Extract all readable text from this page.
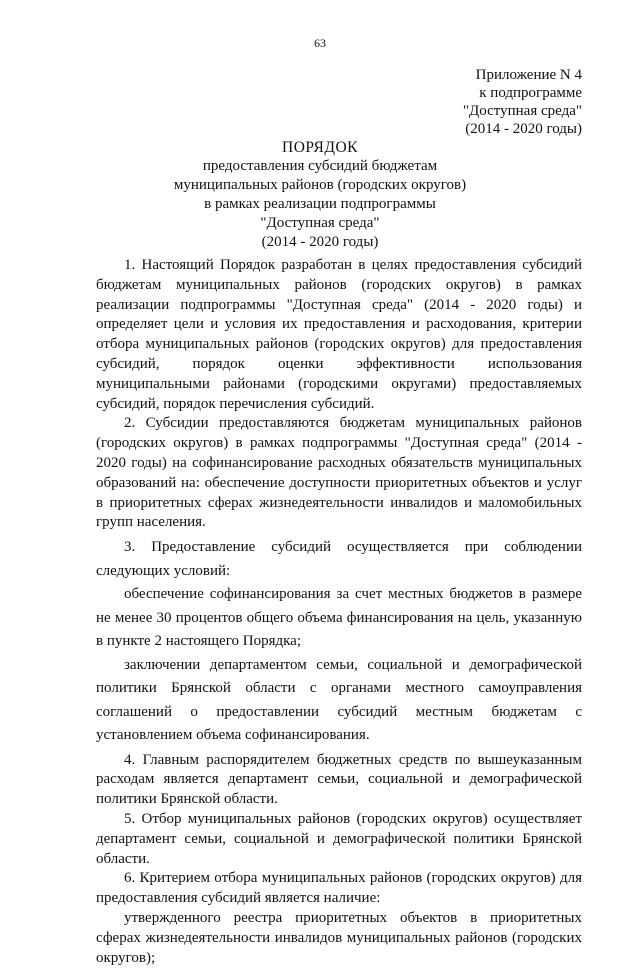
63
Приложение N 4
к подпрограмме
"Доступная среда"
(2014 - 2020 годы)
ПОРЯДОК
предоставления субсидий бюджетам
муниципальных районов (городских округов)
в рамках реализации подпрограммы
"Доступная среда"
(2014 - 2020 годы)

1. Настоящий Порядок разработан в целях предоставления субсидий бюджетам муниципальных районов (городских округов) в рамках реализации подпрограммы "Доступная среда" (2014 - 2020 годы) и определяет цели и условия их предоставления и расходования, критерии отбора муниципальных районов (городских округов) для предоставления субсидий, порядок оценки эффективности использования муниципальными районами (городскими округами) предоставляемых субсидий, порядок перечисления субсидий.

2. Субсидии предоставляются бюджетам муниципальных районов (городских округов) в рамках подпрограммы "Доступная среда" (2014 - 2020 годы) на софинансирование расходных обязательств муниципальных образований на: обеспечение доступности приоритетных объектов и услуг в приоритетных сферах жизнедеятельности инвалидов и маломобильных групп населения.

3. Предоставление субсидий осуществляется при соблюдении следующих условий:

обеспечение софинансирования за счет местных бюджетов в размере не менее 30 процентов общего объема финансирования на цель, указанную в пункте 2 настоящего Порядка;

заключении департаментом семьи, социальной и демографической политики Брянской области с органами местного самоуправления соглашений о предоставлении субсидий местным бюджетам с установлением объема софинансирования.

4. Главным распорядителем бюджетных средств по вышеуказанным расходам является департамент семьи, социальной и демографической политики Брянской области.

5. Отбор муниципальных районов (городских округов) осуществляет департамент семьи, социальной и демографической политики Брянской области.

6. Критерием отбора муниципальных районов (городских округов) для предоставления субсидий является наличие:

утвержденного реестра приоритетных объектов в приоритетных сферах жизнедеятельности инвалидов муниципальных районов (городских округов);
